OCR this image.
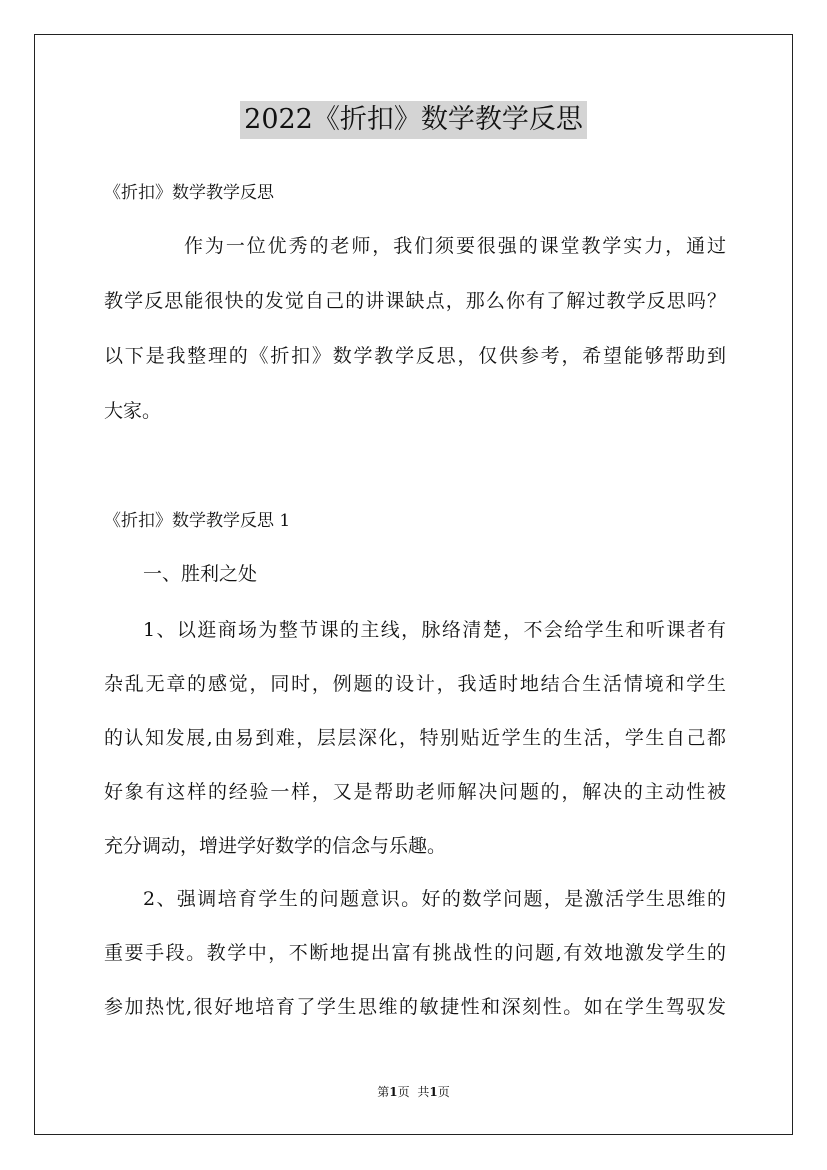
2022《折扣》数学教学反思
《折扣》数学教学反思
作为一位优秀的老师，我们须要很强的课堂教学实力，通过
教学反思能很快的发觉自己的讲课缺点，那么你有了解过教学反思吗？
以下是我整理的《折扣》数学教学反思，仅供参考，希望能够帮助到
大家。
《折扣》数学教学反思 1
一、胜利之处
1、以逛商场为整节课的主线，脉络清楚，不会给学生和听课者有
杂乱无章的感觉，同时，例题的设计，我适时地结合生活情境和学生
的认知发展,由易到难，层层深化，特别贴近学生的生活，学生自己都
好象有这样的经验一样，又是帮助老师解决问题的，解决的主动性被
充分调动，增进学好数学的信念与乐趣。
2、强调培育学生的问题意识。好的数学问题，是激活学生思维的
重要手段。教学中，不断地提出富有挑战性的问题,有效地激发学生的
参加热忱,很好地培育了学生思维的敏捷性和深刻性。如在学生驾驭发
第1页 共1页
